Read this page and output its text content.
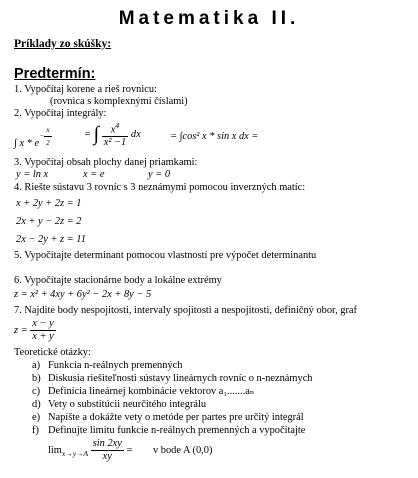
Matematika II.
Príklady zo skúšky:
Predtermín:
1. Vypočítaj korene a rieš rovnicu:
(rovnica s komplexnými číslami)
2. Vypočítaj integrály:
∫ x * $e^{- \frac{x}{2}}$	= ∫ $\frac{x^4}{\text{x² −1}}$ dx	= ∫cos² x * sin x dx =
3. Vypočítaj obsah plochy danej priamkami:
y = ln x	x = e	y = 0
4. Riešte sústavu 3 rovníc s 3 neznámymi pomocou inverzných matíc:
x + 2y + 2z = 1
2x + y − 2z = 2
2x − 2y + z = 11
5. Vypočítajte determinant pomocou vlastností pre výpočet determinantu
6. Vypočítajte stacionárne body a lokálne extrémy
z = x² + 4xy + 6y² − 2x + 8y − 5
7. Najdite body nespojitosti, intervaly spojitosti a nespojitosti, definičný obor, graf
$z = \frac{x - y}{x + y}$
Teoretické otázky:
a) Funkcia n-reálnych premenných
b) Diskusia riešiteľnosti sústavy lineárnych rovníc o n-neznámych
c) Definícia lineárnej kombinácie vektorov a₁.......aₙ
d) Vety o substitúcii neurčitého integrálu
e) Napíšte a dokážte vety o metóde per partes pre určitý integrál
f) Definujte limitu funkcie n-reálnych premenných a vypočítajte
$\lim_{x\to y\to A} \frac{\sin 2xy}{xy} = v$ bode A (0,0)
